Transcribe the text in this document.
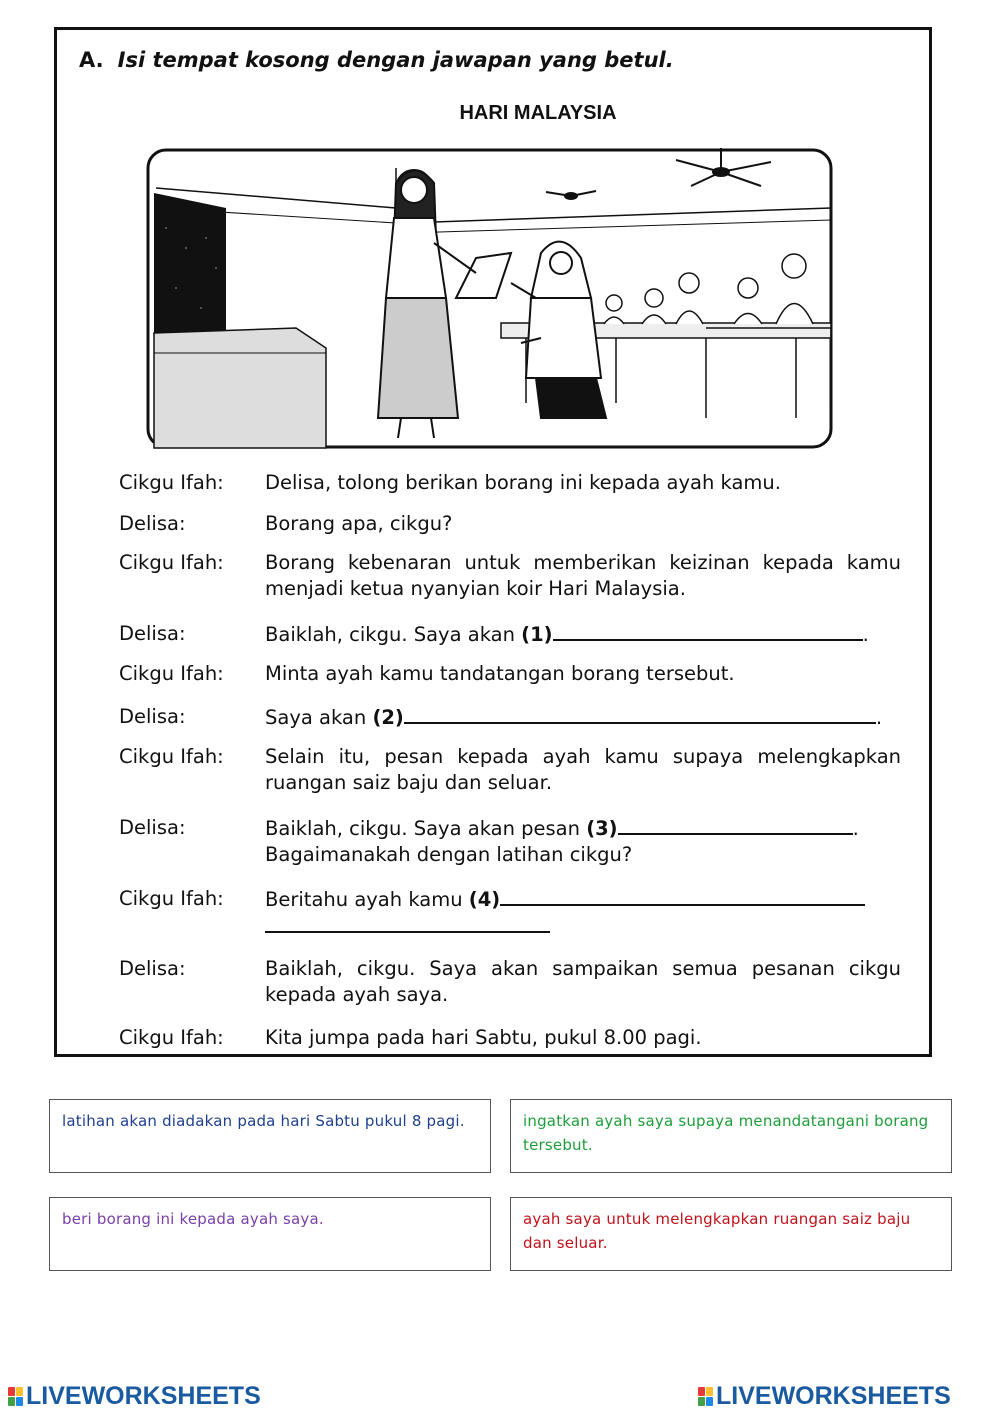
A. Isi tempat kosong dengan jawapan yang betul.
HARI MALAYSIA
Cikgu Ifah:	Delisa, tolong berikan borang ini kepada ayah kamu.
Delisa:	Borang apa, cikgu?
Cikgu Ifah:	Borang kebenaran untuk memberikan keizinan kepada kamu menjadi ketua nyanyian koir Hari Malaysia.
Delisa:	Baiklah, cikgu. Saya akan (1)	.
Cikgu Ifah:	Minta ayah kamu tandatangan borang tersebut.
Delisa:	Saya akan (2)	.
Cikgu Ifah:	Selain itu, pesan kepada ayah kamu supaya melengkapkan ruangan saiz baju dan seluar.
Delisa:	Baiklah, cikgu. Saya akan pesan (3)	.
Bagaimanakah dengan latihan cikgu?
Cikgu Ifah:	Beritahu ayah kamu (4)
Delisa:	Baiklah, cikgu. Saya akan sampaikan semua pesanan cikgu kepada ayah saya.
Cikgu Ifah:	Kita jumpa pada hari Sabtu, pukul 8.00 pagi.
latihan akan diadakan pada hari Sabtu pukul 8 pagi.	ingatkan ayah saya supaya menandatangani borang tersebut.
beri borang ini kepada ayah saya.	ayah saya untuk melengkapkan ruangan saiz baju dan seluar.
LIVEWORKSHEETS	LIVEWORKSHEETS
